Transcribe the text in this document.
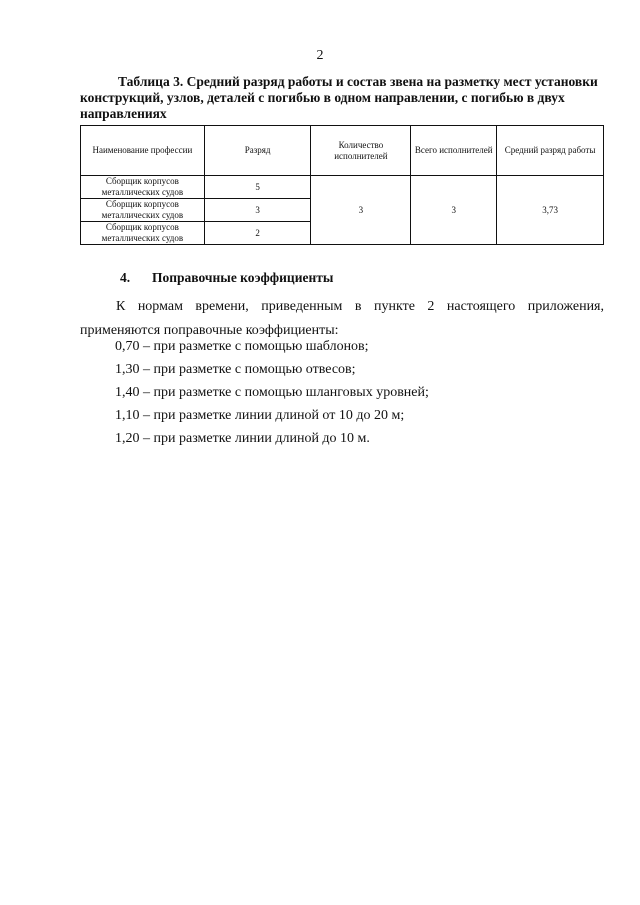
2
Таблица 3. Средний разряд работы и состав звена на разметку мест установки
конструкций, узлов, деталей с погибью в одном направлении, с погибью в двух
направлениях
Наименование профессии	Разряд	Количество исполнителей	Всего исполнителей	Средний разряд работы
Сборщик корпусов металлических судов	5	3	3	3,73
Сборщик корпусов металлических судов	3			
Сборщик корпусов металлических судов	2			
4. Поправочные коэффициенты
К нормам времени, приведенным в пункте 2 настоящего приложения, применяются поправочные коэффициенты:
0,70 – при разметке с помощью шаблонов;
1,30 – при разметке с помощью отвесов;
1,40 – при разметке с помощью шланговых уровней;
1,10 – при разметке линии длиной от 10 до 20 м;
1,20 – при разметке линии длиной до 10 м.
